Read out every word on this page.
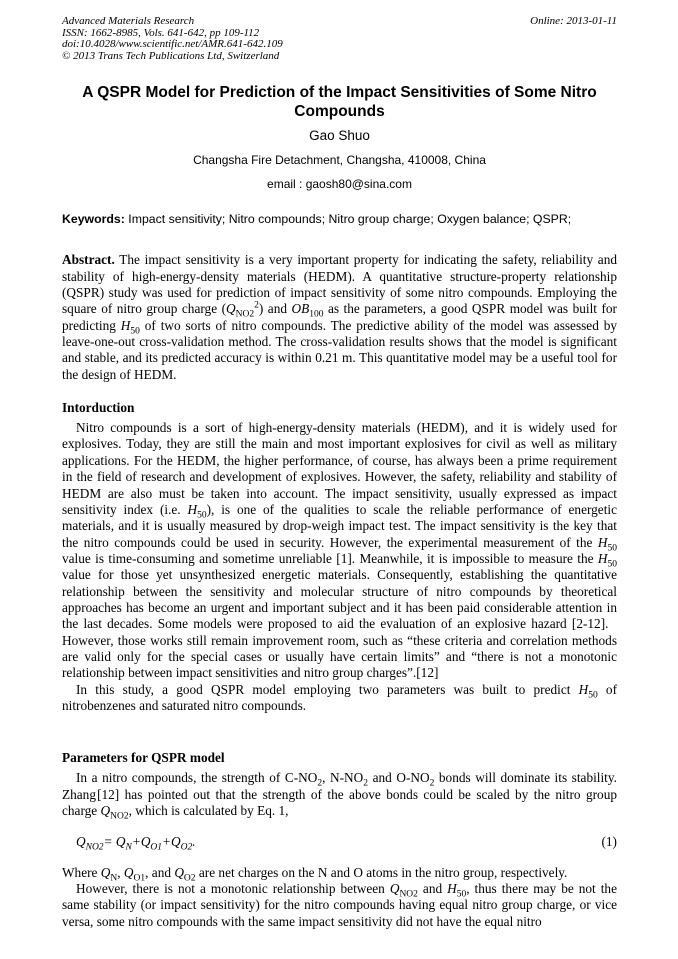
Advanced Materials Research
ISSN: 1662-8985, Vols. 641-642, pp 109-112
doi:10.4028/www.scientific.net/AMR.641-642.109
© 2013 Trans Tech Publications Ltd, Switzerland
Online: 2013-01-11
A QSPR Model for Prediction of the Impact Sensitivities of Some Nitro Compounds
Gao Shuo
Changsha Fire Detachment, Changsha, 410008, China
email : gaosh80@sina.com
Keywords: Impact sensitivity; Nitro compounds; Nitro group charge; Oxygen balance; QSPR;

Abstract. The impact sensitivity is a very important property for indicating the safety, reliability and stability of high-energy-density materials (HEDM). A quantitative structure-property relationship (QSPR) study was used for prediction of impact sensitivity of some nitro compounds. Employing the square of nitro group charge $(Q_{NO2}^2)$ and $OB_{100}$ as the parameters, a good QSPR model was built for predicting $H_{50}$ of two sorts of nitro compounds. The predictive ability of the model was assessed by leave-one-out cross-validation method. The cross-validation results shows that the model is significant and stable, and its predicted accuracy is within 0.21 m. This quantitative model may be a useful tool for the design of HEDM.

Intorduction

Nitro compounds is a sort of high-energy-density materials (HEDM), and it is widely used for explosives. Today, they are still the main and most important explosives for civil as well as military applications. For the HEDM, the higher performance, of course, has always been a prime requirement in the field of research and development of explosives. However, the safety, reliability and stability of HEDM are also must be taken into account. The impact sensitivity, usually expressed as impact sensitivity index (i.e. $H_{50}$), is one of the qualities to scale the reliable performance of energetic materials, and it is usually measured by drop-weigh impact test. The impact sensitivity is the key that the nitro compounds could be used in security. However, the experimental measurement of the $H_{50}$ value is time-consuming and sometime unreliable [1]. Meanwhile, it is impossible to measure the $H_{50}$ value for those yet unsynthesized energetic materials. Consequently, establishing the quantitative relationship between the sensitivity and molecular structure of nitro compounds by theoretical approaches has become an urgent and important subject and it has been paid considerable attention in the last decades. Some models were proposed to aid the evaluation of an explosive hazard [2-12].   However, those works still remain improvement room, such as “these criteria and correlation methods are valid only for the special cases or usually have certain limits” and “there is not a monotonic relationship between impact sensitivities and nitro group charges”.[12]

In this study, a good QSPR model employing two parameters was built to predict $H_{50}$ of nitrobenzenes and saturated nitro compounds.

Parameters for QSPR model

In a nitro compounds, the strength of $C-NO_2$, $N-NO_2$ and $O-NO_2$ bonds will dominate its stability. Zhang [12] has pointed out that the strength of the above bonds could be scaled by the nitro group charge $Q_{NO2}$, which is calculated by Eq. 1,

$Q_{NO2}= Q_N+Q_{O1}+Q_{O2}$.	(1)

Where $Q_N$, $Q_{O1}$, and $Q_{O2}$ are net charges on the N and O atoms in the nitro group, respectively.

However, there is not a monotonic relationship between $Q_{NO2}$ and $H_{50}$, thus there may be not the same stability (or impact sensitivity) for the nitro compounds having equal nitro group charge, or vice versa, some nitro compounds with the same impact sensitivity did not have the equal nitro
